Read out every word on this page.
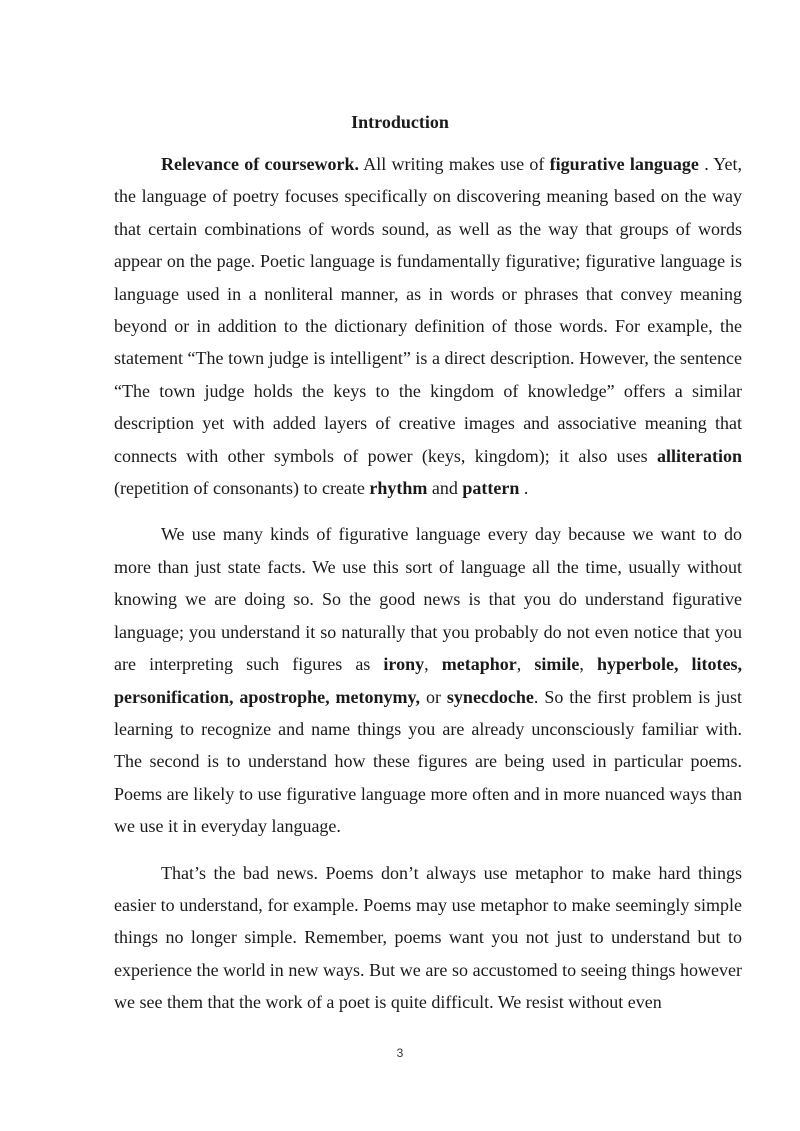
Introduction

Relevance of coursework. All writing makes use of figurative language . Yet, the language of poetry focuses specifically on discovering meaning based on the way that certain combinations of words sound, as well as the way that groups of words appear on the page. Poetic language is fundamentally figurative; figurative language is language used in a nonliteral manner, as in words or phrases that convey meaning beyond or in addition to the dictionary definition of those words. For example, the statement “The town judge is intelligent” is a direct description. However, the sentence “The town judge holds the keys to the kingdom of knowledge” offers a similar description yet with added layers of creative images and associative meaning that connects with other symbols of power (keys, kingdom); it also uses alliteration (repetition of consonants) to create rhythm and pattern .

We use many kinds of figurative language every day because we want to do more than just state facts. We use this sort of language all the time, usually without knowing we are doing so. So the good news is that you do understand figurative language; you understand it so naturally that you probably do not even notice that you are interpreting such figures as irony, metaphor, simile, hyperbole, litotes, personification, apostrophe, metonymy, or synecdoche. So the first problem is just learning to recognize and name things you are already unconsciously familiar with. The second is to understand how these figures are being used in particular poems. Poems are likely to use figurative language more often and in more nuanced ways than we use it in everyday language.

That’s the bad news. Poems don’t always use metaphor to make hard things easier to understand, for example. Poems may use metaphor to make seemingly simple things no longer simple. Remember, poems want you not just to understand but to experience the world in new ways. But we are so accustomed to seeing things however we see them that the work of a poet is quite difficult. We resist without even

3
